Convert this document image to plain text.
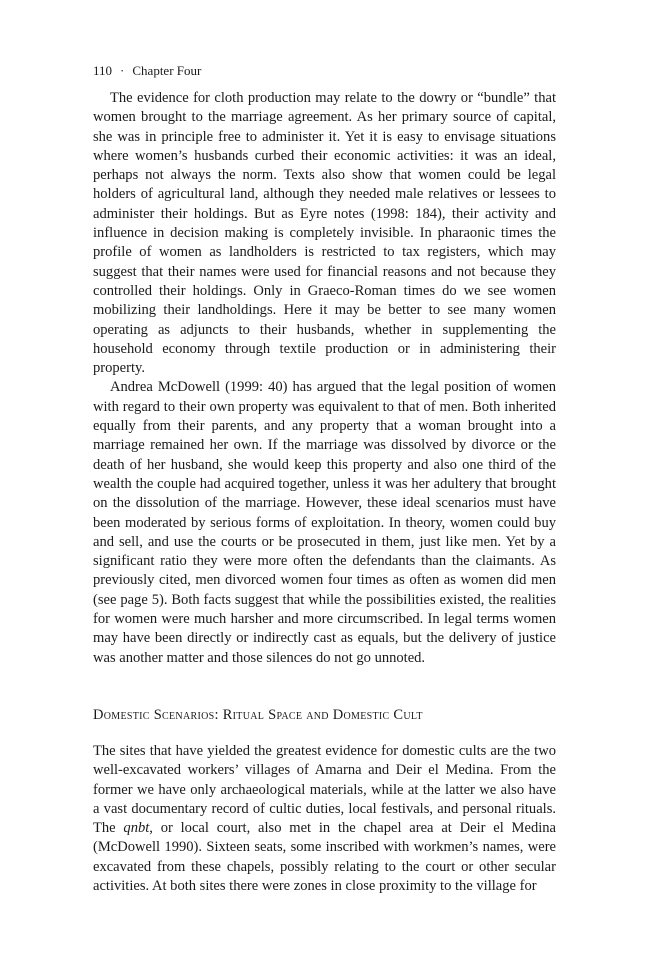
110 · Chapter Four

The evidence for cloth production may relate to the dowry or “bundle” that women brought to the marriage agreement. As her primary source of capital, she was in principle free to administer it. Yet it is easy to envisage situations where women’s husbands curbed their economic activities: it was an ideal, perhaps not always the norm. Texts also show that women could be legal holders of agricultural land, although they needed male relatives or lessees to administer their holdings. But as Eyre notes (1998: 184), their activity and influence in decision making is completely invisible. In pharaonic times the profile of women as landholders is restricted to tax registers, which may suggest that their names were used for financial reasons and not because they controlled their holdings. Only in Graeco-Roman times do we see women mobilizing their landholdings. Here it may be better to see many women operating as adjuncts to their husbands, whether in supplementing the household economy through textile production or in administering their property.

Andrea McDowell (1999: 40) has argued that the legal position of women with regard to their own property was equivalent to that of men. Both inherited equally from their parents, and any property that a woman brought into a marriage remained her own. If the marriage was dissolved by divorce or the death of her husband, she would keep this property and also one third of the wealth the couple had acquired together, unless it was her adultery that brought on the dissolution of the marriage. However, these ideal scenarios must have been moderated by serious forms of exploitation. In theory, women could buy and sell, and use the courts or be prosecuted in them, just like men. Yet by a significant ratio they were more often the defendants than the claimants. As previously cited, men divorced women four times as often as women did men (see page 5). Both facts suggest that while the possibilities existed, the realities for women were much harsher and more circumscribed. In legal terms women may have been directly or indirectly cast as equals, but the delivery of justice was another matter and those silences do not go unnoted.

Domestic Scenarios: Ritual Space and Domestic Cult

The sites that have yielded the greatest evidence for domestic cults are the two well-excavated workers’ villages of Amarna and Deir el Medina. From the former we have only archaeological materials, while at the latter we also have a vast documentary record of cultic duties, local festivals, and personal rituals. The qnbt, or local court, also met in the chapel area at Deir el Medina (McDowell 1990). Sixteen seats, some inscribed with workmen’s names, were excavated from these chapels, possibly relating to the court or other secular activities. At both sites there were zones in close proximity to the village for
